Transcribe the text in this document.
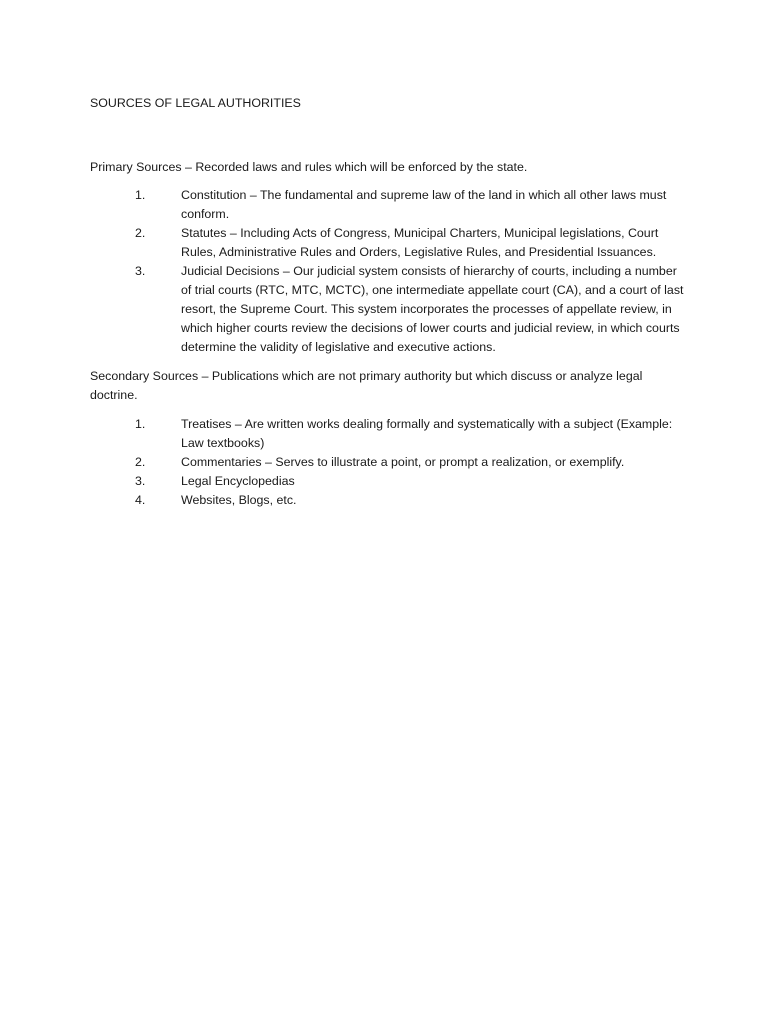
SOURCES OF LEGAL AUTHORITIES

Primary Sources – Recorded laws and rules which will be enforced by the state.

1.	Constitution – The fundamental and supreme law of the land in which all other laws must conform.
2.	Statutes – Including Acts of Congress, Municipal Charters, Municipal legislations, Court Rules, Administrative Rules and Orders, Legislative Rules, and Presidential Issuances.
3.	Judicial Decisions – Our judicial system consists of hierarchy of courts, including a number of trial courts (RTC, MTC, MCTC), one intermediate appellate court (CA), and a court of last resort, the Supreme Court. This system incorporates the processes of appellate review, in which higher courts review the decisions of lower courts and judicial review, in which courts determine the validity of legislative and executive actions.

Secondary Sources – Publications which are not primary authority but which discuss or analyze legal doctrine.

1.	Treatises – Are written works dealing formally and systematically with a subject (Example: Law textbooks)
2.	Commentaries – Serves to illustrate a point, or prompt a realization, or exemplify.
3.	Legal Encyclopedias
4.	Websites, Blogs, etc.
